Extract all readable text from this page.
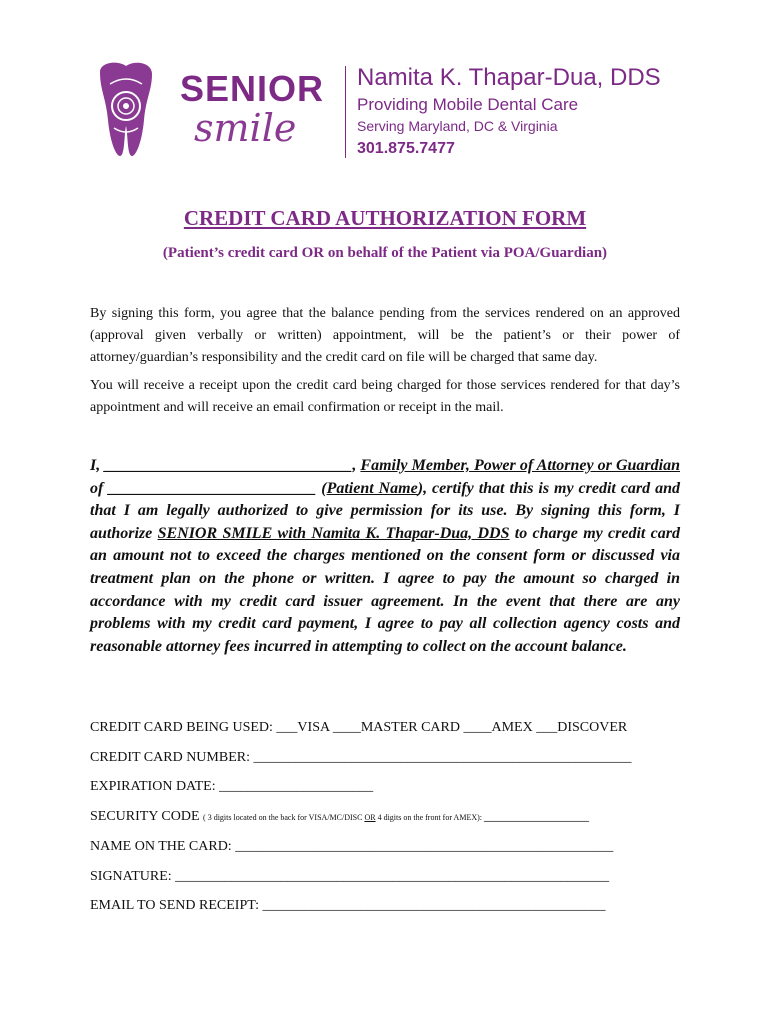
SENIOR
smile
Namita K. Thapar-Dua, DDS
Providing Mobile Dental Care
Serving Maryland, DC & Virginia
301.875.7477
CREDIT CARD AUTHORIZATION FORM
(Patient’s credit card OR on behalf of the Patient via POA/Guardian)
By signing this form, you agree that the balance pending from the services rendered on an approved (approval given verbally or written) appointment, will be the patient’s or their power of attorney/guardian’s responsibility and the credit card on file will be charged that same day.
You will receive a receipt upon the credit card being charged for those services rendered for that day’s appointment and will receive an email confirmation or receipt in the mail.
I, _______________________________, Family Member, Power of Attorney or Guardian of __________________________ (Patient Name), certify that this is my credit card and that I am legally authorized to give permission for its use. By signing this form, I authorize SENIOR SMILE with Namita K. Thapar-Dua, DDS to charge my credit card an amount not to exceed the charges mentioned on the consent form or discussed via treatment plan on the phone or written. I agree to pay the amount so charged in accordance with my credit card issuer agreement. In the event that there are any problems with my credit card payment, I agree to pay all collection agency costs and reasonable attorney fees incurred in attempting to collect on the account balance.
CREDIT CARD BEING USED: ___VISA ____MASTER CARD ____AMEX ___DISCOVER
CREDIT CARD NUMBER: ______________________________________________________
EXPIRATION DATE: ______________________
SECURITY CODE ( 3 digits located on the back for VISA/MC/DISC OR 4 digits on the front for AMEX): _______________
NAME ON THE CARD: ______________________________________________________
SIGNATURE: ______________________________________________________________
EMAIL TO SEND RECEIPT: _________________________________________________
